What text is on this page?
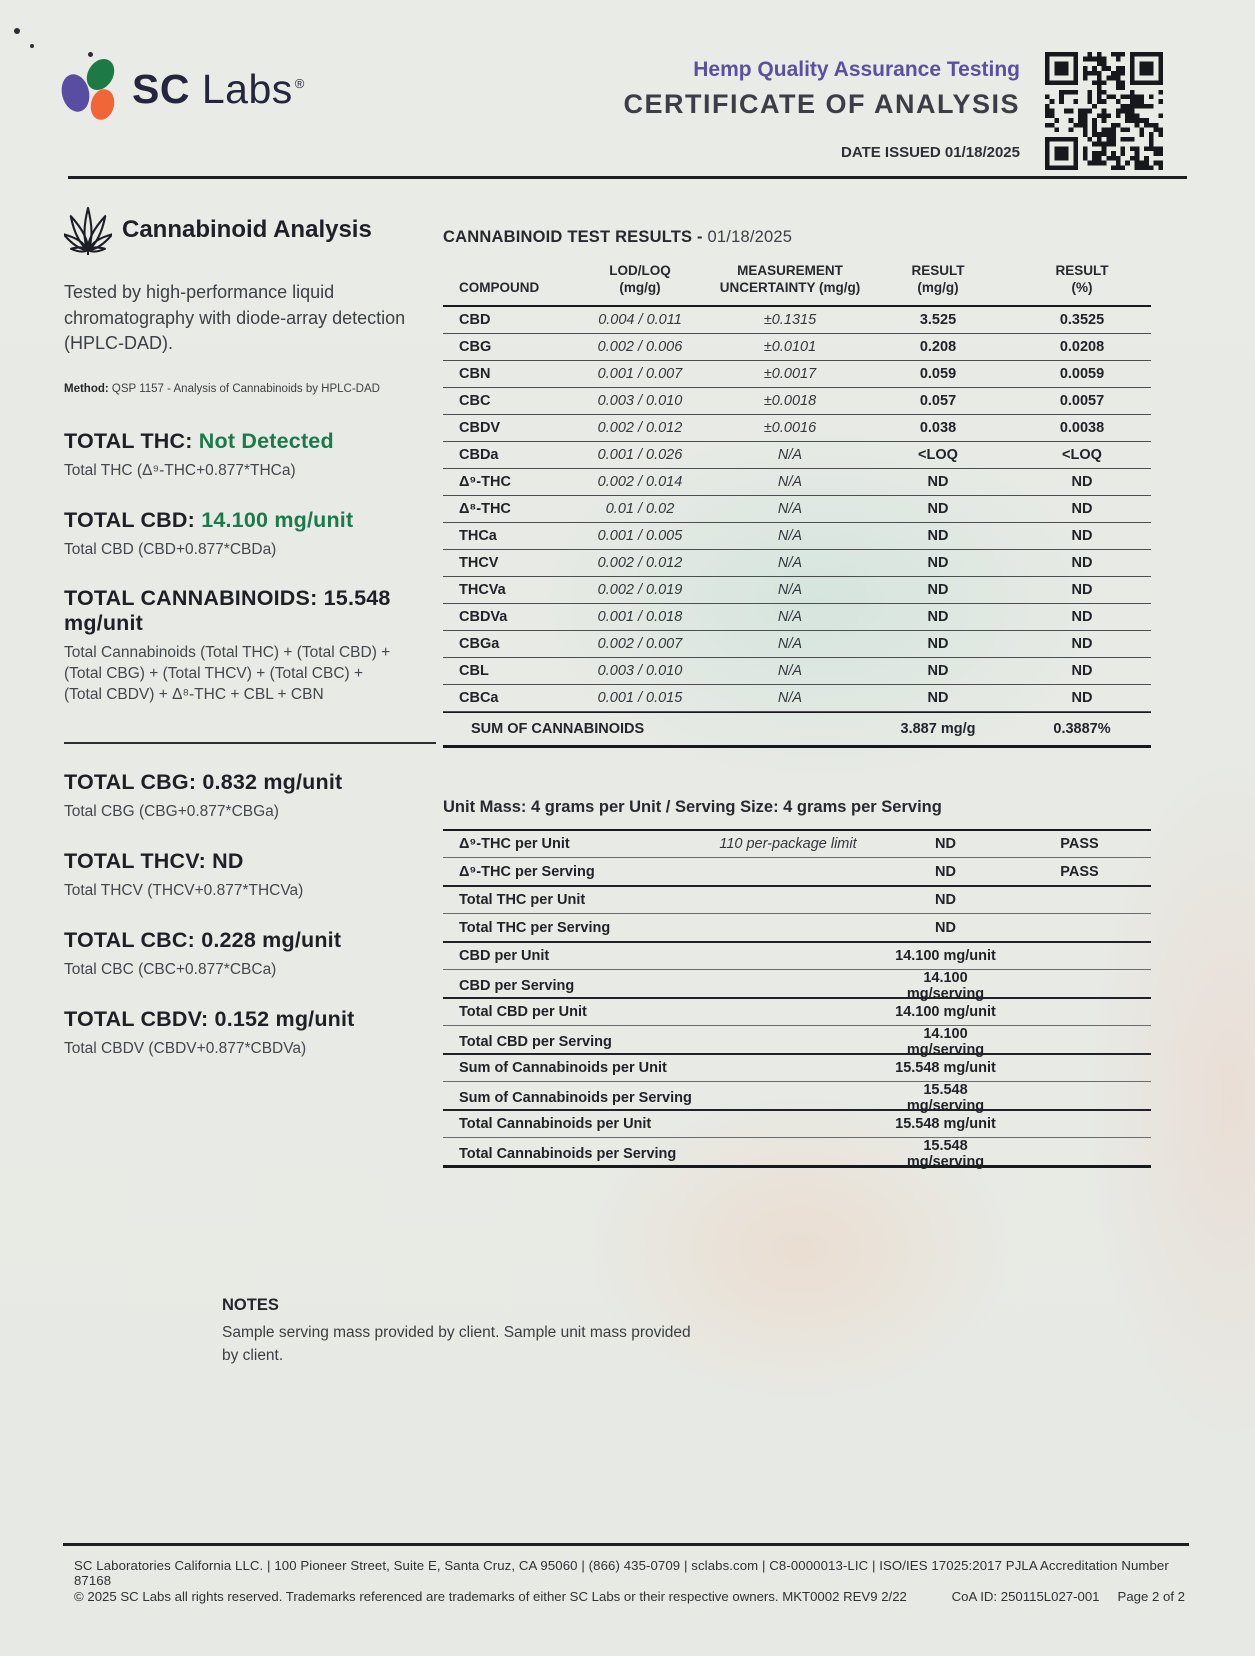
SC Labs ®
Hemp Quality Assurance Testing
CERTIFICATE OF ANALYSIS
DATE ISSUED 01/18/2025
Cannabinoid Analysis
Tested by high-performance liquid chromatography with diode-array detection (HPLC-DAD).
Method: QSP 1157 - Analysis of Cannabinoids by HPLC-DAD
TOTAL THC: Not Detected
Total THC (Δ⁹-THC+0.877*THCa)
TOTAL CBD: 14.100 mg/unit
Total CBD (CBD+0.877*CBDa)
TOTAL CANNABINOIDS: 15.548 mg/unit
Total Cannabinoids (Total THC) + (Total CBD) +
(Total CBG) + (Total THCV) + (Total CBC) +
(Total CBDV) + Δ⁸-THC + CBL + CBN
TOTAL CBG: 0.832 mg/unit
Total CBG (CBG+0.877*CBGa)
TOTAL THCV: ND
Total THCV (THCV+0.877*THCVa)
TOTAL CBC: 0.228 mg/unit
Total CBC (CBC+0.877*CBCa)
TOTAL CBDV: 0.152 mg/unit
Total CBDV (CBDV+0.877*CBDVa)
CANNABINOID TEST RESULTS - 01/18/2025
COMPOUND
LOD/LOQ
(mg/g)
MEASUREMENT
UNCERTAINTY (mg/g)
RESULT
(mg/g)
RESULT
(%)
CBD	0.004 / 0.011	±0.1315	3.525	0.3525
CBG	0.002 / 0.006	±0.0101	0.208	0.0208
CBN	0.001 / 0.007	±0.0017	0.059	0.0059
CBC	0.003 / 0.010	±0.0018	0.057	0.0057
CBDV	0.002 / 0.012	±0.0016	0.038	0.0038
CBDa	0.001 / 0.026	N/A	<LOQ	<LOQ
Δ⁹-THC	0.002 / 0.014	N/A	ND	ND
Δ⁸-THC	0.01 / 0.02	N/A	ND	ND
THCa	0.001 / 0.005	N/A	ND	ND
THCV	0.002 / 0.012	N/A	ND	ND
THCVa	0.002 / 0.019	N/A	ND	ND
CBDVa	0.001 / 0.018	N/A	ND	ND
CBGa	0.002 / 0.007	N/A	ND	ND
CBL	0.003 / 0.010	N/A	ND	ND
CBCa	0.001 / 0.015	N/A	ND	ND
SUM OF CANNABINOIDS	3.887 mg/g	0.3887%
Unit Mass: 4 grams per Unit / Serving Size: 4 grams per Serving
Δ⁹-THC per Unit	110 per-package limit	ND	PASS
Δ⁹-THC per Serving	ND	PASS
Total THC per Unit	ND
Total THC per Serving	ND
CBD per Unit	14.100 mg/unit
CBD per Serving	14.100 mg/serving
Total CBD per Unit	14.100 mg/unit
Total CBD per Serving	14.100 mg/serving
Sum of Cannabinoids per Unit	15.548 mg/unit
Sum of Cannabinoids per Serving	15.548 mg/serving
Total Cannabinoids per Unit	15.548 mg/unit
Total Cannabinoids per Serving	15.548 mg/serving
NOTES
Sample serving mass provided by client. Sample unit mass provided by client.
SC Laboratories California LLC. | 100 Pioneer Street, Suite E, Santa Cruz, CA 95060 | (866) 435-0709 | sclabs.com | C8-0000013-LIC | ISO/IES 17025:2017 PJLA Accreditation Number 87168
© 2025 SC Labs all rights reserved. Trademarks referenced are trademarks of either SC Labs or their respective owners. MKT0002 REV9 2/22	CoA ID: 250115L027-001 Page 2 of 2
